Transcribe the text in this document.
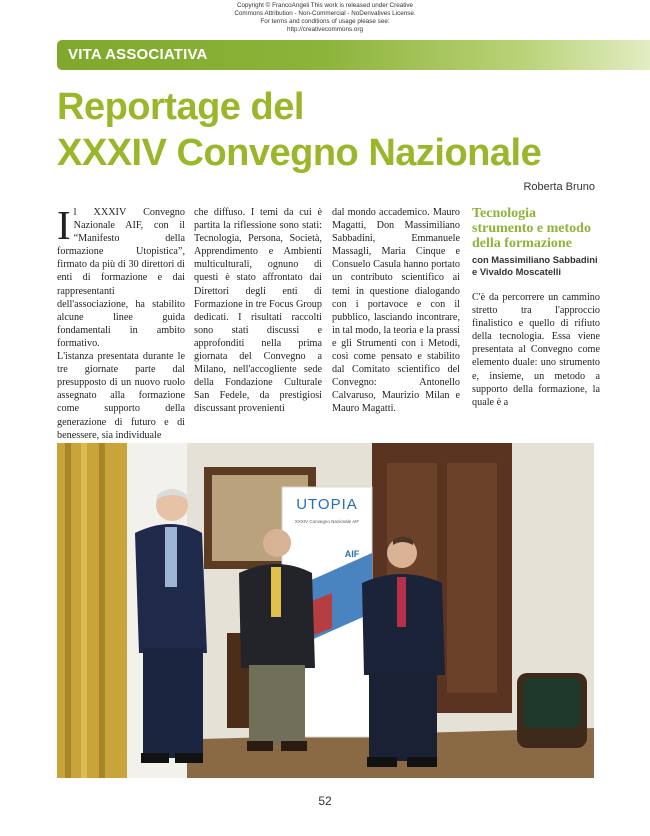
Copyright © FrancoAngeli This work is released under Creative
Commons Attribution - Non-Commercial - NoDerivatives License.
For terms and conditions of usage please see:
http://creativecommons.org
VITA ASSOCIATIVA
Reportage del
XXXIV Convegno Nazionale
Roberta Bruno

Il XXXIV Convegno Nazionale AIF, con il “Manifesto della formazione Utopistica”, firmato da più di 30 direttori di enti di formazione e dai rappresentanti dell'associazione, ha stabilito alcune linee guida fondamentali in ambito formativo.

L'istanza presentata durante le tre giornate parte dal presupposto di un nuovo ruolo assegnato alla formazione come supporto della generazione di futuro e di benessere, sia individuale

che diffuso. I temi da cui è partita la riflessione sono stati: Tecnologia, Persona, Società, Apprendimento e Ambienti multiculturali, ognuno di questi è stato affrontato dai Direttori degli enti di Formazione in tre Focus Group dedicati. I risultati raccolti sono stati discussi e approfonditi nella prima giornata del Convegno a Milano, nell'accogliente sede della Fondazione Culturale San Fedele, da prestigiosi discussant provenienti

dal mondo accademico. Mauro Magatti, Don Massimiliano Sabbadini, Emmanuele Massagli, Maria Cinque e Consuelo Casula hanno portato un contributo scientifico ai temi in questione dialogando con i portavoce e con il pubblico, lasciando incontrare, in tal modo, la teoria e la prassi e gli Strumenti con i Metodi, così come pensato e stabilito dal Comitato scientifico del Convegno: Antonello Calvaruso, Maurizio Milan e Mauro Magatti.

Tecnologia strumento e metodo della formazione
con Massimiliano Sabbadini e Vivaldo Moscatelli

C'è da percorrere un cammino stretto tra l'approccio finalistico e quello di rifiuto della tecnologia. Essa viene presentata al Convegno come elemento duale: uno strumento e, insieme, un metodo a supporto della formazione, la quale è a

UTOPIA
XXXIV Convegno Nazionale AIF
AIF
52
